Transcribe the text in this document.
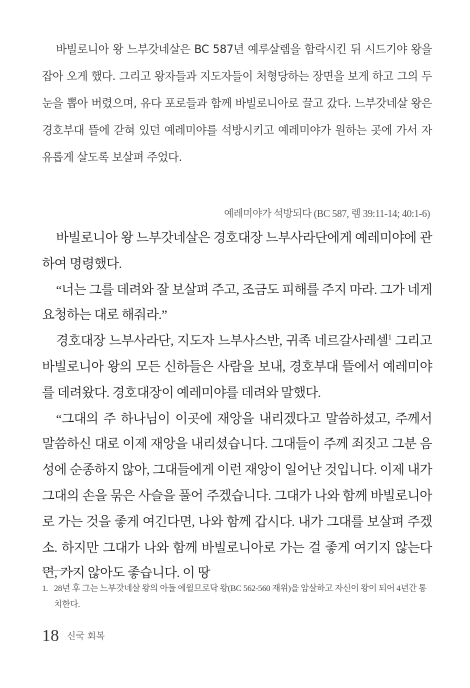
바빌로니아 왕 느부갓네살은 BC 587년 예루살렘을 함락시킨 뒤 시드기야 왕을 잡아 오게 했다. 그리고 왕자들과 지도자들이 처형당하는 장면을 보게 하고 그의 두 눈을 뽑아 버렸으며, 유다 포로들과 함께 바빌로니아로 끌고 갔다. 느부갓네살 왕은 경호부대 뜰에 갇혀 있던 예레미야를 석방시키고 예레미야가 원하는 곳에 가서 자유롭게 살도록 보살펴 주었다.

예레미야가 석방되다 (BC 587, 렘 39:11-14; 40:1-6)

바빌로니아 왕 느부갓네살은 경호대장 느부사라단에게 예레미야에 관하여 명령했다.

“너는 그를 데려와 잘 보살펴 주고, 조금도 피해를 주지 마라. 그가 네게 요청하는 대로 해줘라.”

경호대장 느부사라단, 지도자 느부사스반, 귀족 네르갈사레셀$^1$ 그리고 바빌로니아 왕의 모든 신하들은 사람을 보내, 경호부대 뜰에서 예레미야를 데려왔다. 경호대장이 예레미야를 데려와 말했다.

“그대의 주 하나님이 이곳에 재앙을 내리겠다고 말씀하셨고, 주께서 말씀하신 대로 이제 재앙을 내리셨습니다. 그대들이 주께 죄짓고 그분 음성에 순종하지 않아, 그대들에게 이런 재앙이 일어난 것입니다. 이제 내가 그대의 손을 묶은 사슬을 풀어 주겠습니다. 그대가 나와 함께 바빌로니아로 가는 것을 좋게 여긴다면, 나와 함께 갑시다. 내가 그대를 보살펴 주겠소. 하지만 그대가 나와 함께 바빌로니아로 가는 걸 좋게 여기지 않는다면, 가지 않아도 좋습니다. 이 땅

1. 28년 후 그는 느부갓네살 왕의 아들 에윌므로닥 왕(BC 562-560 재위)을 암살하고 자신이 왕이 되어 4년간 통치한다.
18 신국 회복
